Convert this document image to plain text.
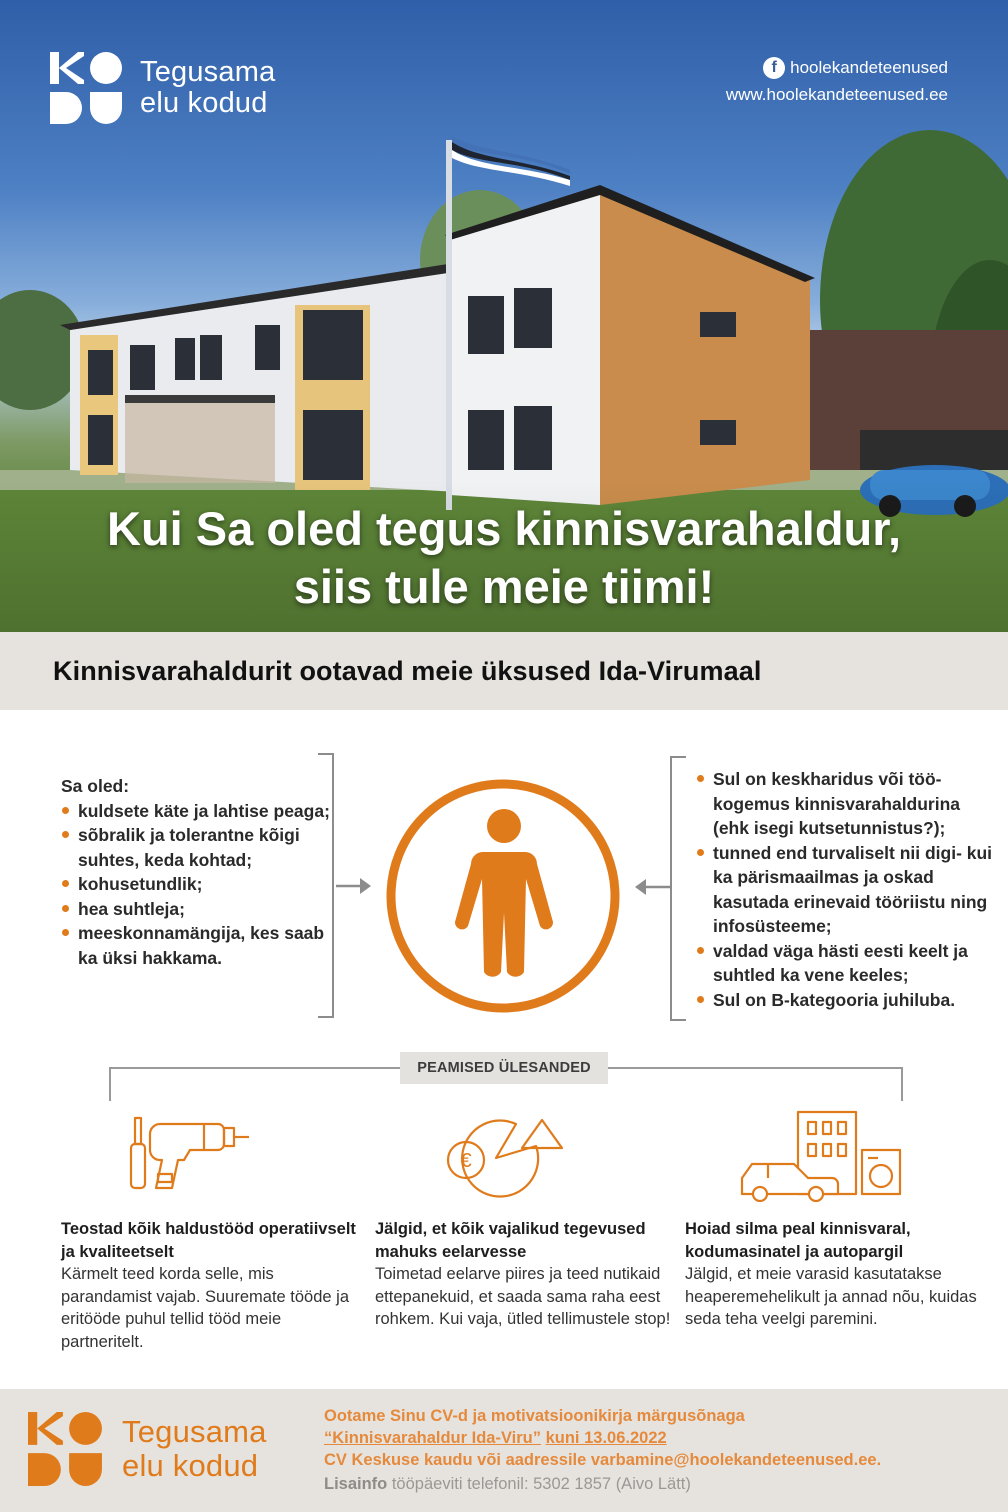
Tegusama
elu kodud
f hoolekandeteenused
www.hoolekandeteenused.ee
Kui Sa oled tegus kinnisvarahaldur,
siis tule meie tiimi!
Kinnisvarahaldurit ootavad meie üksused Ida-Virumaal
Sa oled:
kuldsete käte ja lahtise peaga;
sõbralik ja tolerantne kõigi suhtes, keda kohtad;
kohusetundlik;
hea suhtleja;
meeskonnamängija, kes saab ka üksi hakkama.
Sul on keskharidus või töö-kogemus kinnisvarahaldurina (ehk isegi kutsetunnistus?);
tunned end turvaliselt nii digi- kui ka pärismaailmas ja oskad kasutada erinevaid tööriistu ning infosüsteeme;
valdad väga hästi eesti keelt ja suhtled ka vene keeles;
Sul on B-kategooria juhiluba.
PEAMISED ÜLESANDED
€
Teostad kõik haldustööd operatiivselt ja kvaliteetselt
Kärmelt teed korda selle, mis parandamist vajab. Suuremate tööde ja eritööde puhul tellid tööd meie partneritelt.
Jälgid, et kõik vajalikud tegevused mahuks eelarvesse
Toimetad eelarve piires ja teed nutikaid ettepanekuid, et saada sama raha eest rohkem. Kui vaja, ütled tellimustele stop!
Hoiad silma peal kinnisvaral, kodumasinatel ja autopargil
Jälgid, et meie varasid kasutatakse heaperemehelikult ja annad nõu, kuidas seda teha veelgi paremini.
Tegusama
elu kodud
Ootame Sinu CV-d ja motivatsioonikirja märgusõnaga
“Kinnisvarahaldur Ida-Viru” kuni 13.06.2022
CV Keskuse kaudu või aadressile varbamine@hoolekandeteenused.ee.
Lisainfo tööpäeviti telefonil: 5302 1857 (Aivo Lätt)
